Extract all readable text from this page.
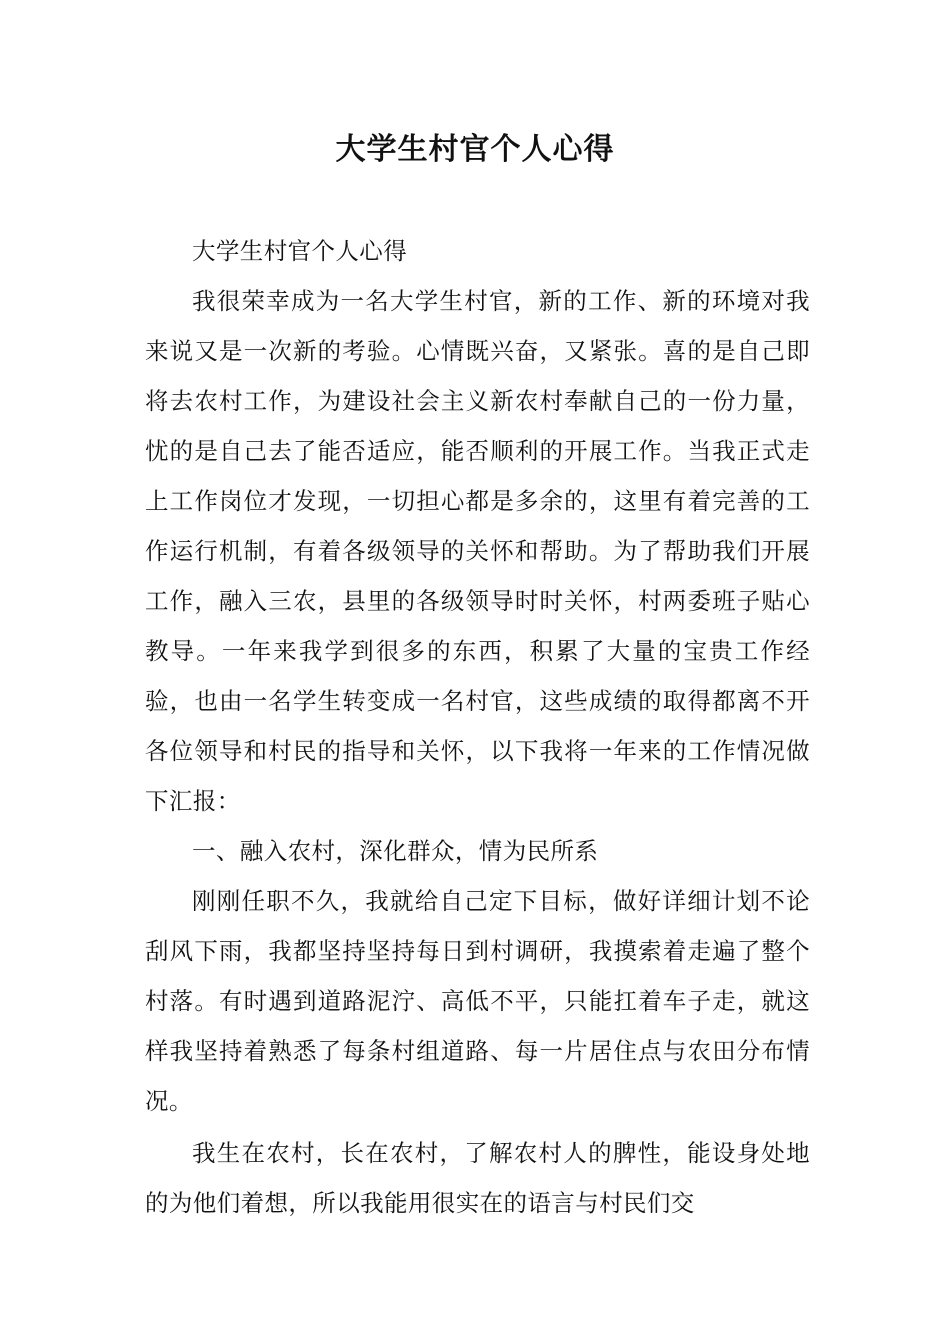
大学生村官个人心得

大学生村官个人心得

我很荣幸成为一名大学生村官，新的工作、新的环境对我来说又是一次新的考验。心情既兴奋，又紧张。喜的是自己即将去农村工作，为建设社会主义新农村奉献自己的一份力量，忧的是自己去了能否适应，能否顺利的开展工作。当我正式走上工作岗位才发现，一切担心都是多余的，这里有着完善的工作运行机制，有着各级领导的关怀和帮助。为了帮助我们开展工作，融入三农，县里的各级领导时时关怀，村两委班子贴心教导。一年来我学到很多的东西，积累了大量的宝贵工作经验，也由一名学生转变成一名村官，这些成绩的取得都离不开各位领导和村民的指导和关怀，以下我将一年来的工作情况做下汇报：

一、融入农村，深化群众，情为民所系

刚刚任职不久，我就给自己定下目标，做好详细计划不论刮风下雨，我都坚持坚持每日到村调研，我摸索着走遍了整个村落。有时遇到道路泥泞、高低不平，只能扛着车子走，就这样我坚持着熟悉了每条村组道路、每一片居住点与农田分布情况。

我生在农村，长在农村，了解农村人的脾性，能设身处地的为他们着想，所以我能用很实在的语言与村民们交
